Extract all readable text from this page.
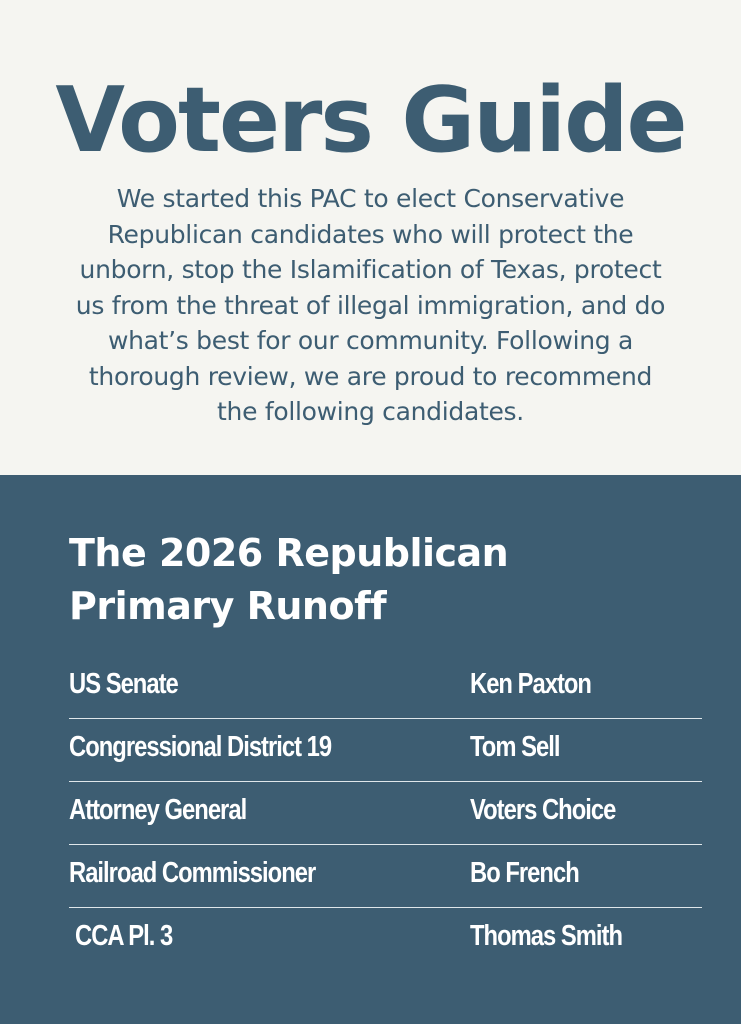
Voters Guide

We started this PAC to elect Conservative
Republican candidates who will protect the
unborn, stop the Islamification of Texas, protect
us from the threat of illegal immigration, and do
what’s best for our community. Following a
thorough review, we are proud to recommend
the following candidates.

The 2026 Republican
Primary Runoff
US Senate	Ken Paxton
Congressional District 19	Tom Sell
Attorney General	Voters Choice
Railroad Commissioner	Bo French
CCA Pl. 3	Thomas Smith
